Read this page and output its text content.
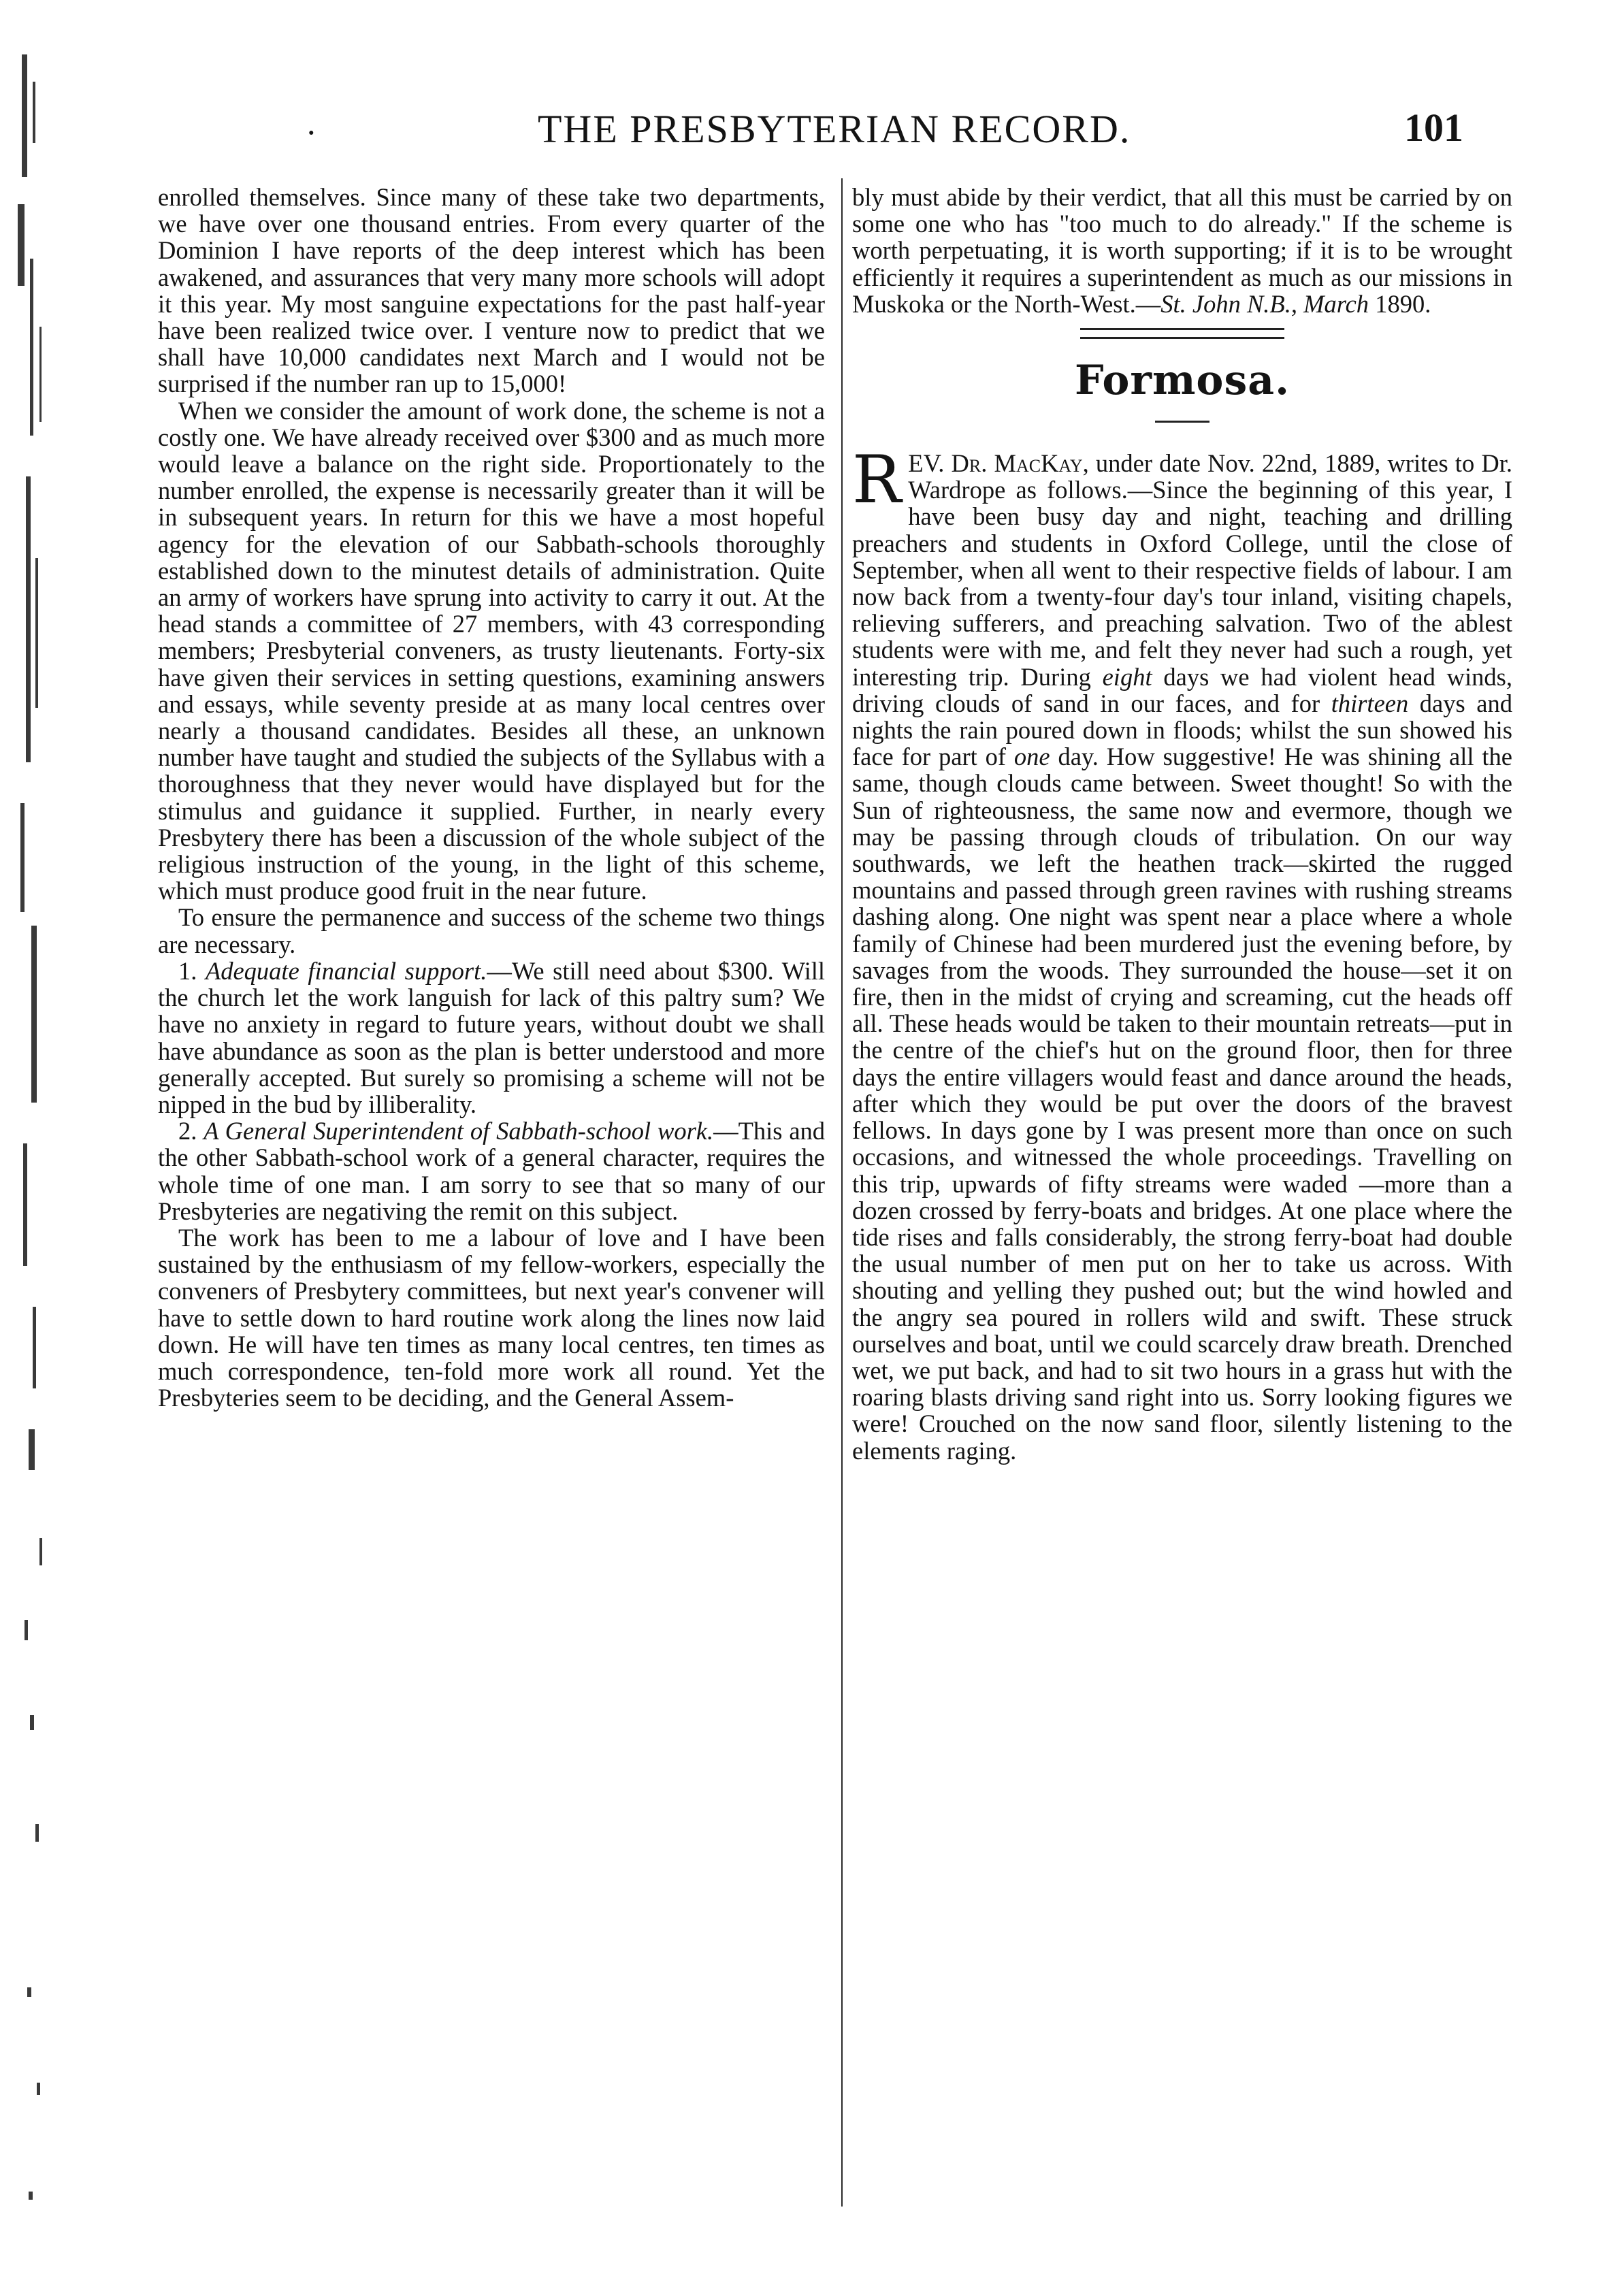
·	THE PRESBYTERIAN RECORD.	101

enrolled themselves. Since many of these take two departments, we have over one thousand entries. From every quarter of the Dominion I have reports of the deep interest which has been awakened, and assurances that very many more schools will adopt it this year. My most sanguine expectations for the past half-year have been realized twice over. I venture now to predict that we shall have 10,000 candidates next March and I would not be surprised if the number ran up to 15,000!

When we consider the amount of work done, the scheme is not a costly one. We have already received over $300 and as much more would leave a balance on the right side. Proportionately to the number enrolled, the expense is necessarily greater than it will be in subsequent years. In return for this we have a most hopeful agency for the elevation of our Sabbath-schools thoroughly established down to the minutest details of administration. Quite an army of workers have sprung into activity to carry it out. At the head stands a committee of 27 members, with 43 corresponding members; Presbyterial conveners, as trusty lieutenants. Forty-six have given their services in setting questions, examining answers and essays, while seventy preside at as many local centres over nearly a thousand candidates. Besides all these, an unknown number have taught and studied the subjects of the Syllabus with a thoroughness that they never would have displayed but for the stimulus and guidance it supplied. Further, in nearly every Presbytery there has been a discussion of the whole subject of the religious instruction of the young, in the light of this scheme, which must produce good fruit in the near future.

To ensure the permanence and success of the scheme two things are necessary.

1. Adequate financial support.—We still need about $300. Will the church let the work languish for lack of this paltry sum? We have no anxiety in regard to future years, without doubt we shall have abundance as soon as the plan is better understood and more generally accepted. But surely so promising a scheme will not be nipped in the bud by illiberality.

2. A General Superintendent of Sabbath-school work.—This and the other Sabbath-school work of a general character, requires the whole time of one man. I am sorry to see that so many of our Presbyteries are negativing the remit on this subject.

The work has been to me a labour of love and I have been sustained by the enthusiasm of my fellow-workers, especially the conveners of Presbytery committees, but next year's convener will have to settle down to hard routine work along the lines now laid down. He will have ten times as many local centres, ten times as much correspondence, ten-fold more work all round. Yet the Presbyteries seem to be deciding, and the General Assem-

bly must abide by their verdict, that all this must be carried by on some one who has "too much to do already." If the scheme is worth perpetuating, it is worth supporting; if it is to be wrought efficiently it requires a superintendent as much as our missions in Muskoka or the North-West.—St. John N.B., March 1890.

Formosa.

REV. Dr. MacKay, under date Nov. 22nd, 1889, writes to Dr. Wardrope as follows.—Since the beginning of this year, I have been busy day and night, teaching and drilling preachers and students in Oxford College, until the close of September, when all went to their respective fields of labour. I am now back from a twenty-four day's tour inland, visiting chapels, relieving sufferers, and preaching salvation. Two of the ablest students were with me, and felt they never had such a rough, yet interesting trip. During eight days we had violent head winds, driving clouds of sand in our faces, and for thirteen days and nights the rain poured down in floods; whilst the sun showed his face for part of one day. How suggestive! He was shining all the same, though clouds came between. Sweet thought! So with the Sun of righteousness, the same now and evermore, though we may be passing through clouds of tribulation. On our way southwards, we left the heathen track—skirted the rugged mountains and passed through green ravines with rushing streams dashing along. One night was spent near a place where a whole family of Chinese had been murdered just the evening before, by savages from the woods. They surrounded the house—set it on fire, then in the midst of crying and screaming, cut the heads off all. These heads would be taken to their mountain retreats—put in the centre of the chief's hut on the ground floor, then for three days the entire villagers would feast and dance around the heads, after which they would be put over the doors of the bravest fellows. In days gone by I was present more than once on such occasions, and witnessed the whole proceedings. Travelling on this trip, upwards of fifty streams were waded —more than a dozen crossed by ferry-boats and bridges. At one place where the tide rises and falls considerably, the strong ferry-boat had double the usual number of men put on her to take us across. With shouting and yelling they pushed out; but the wind howled and the angry sea poured in rollers wild and swift. These struck ourselves and boat, until we could scarcely draw breath. Drenched wet, we put back, and had to sit two hours in a grass hut with the roaring blasts driving sand right into us. Sorry looking figures we were! Crouched on the now sand floor, silently listening to the elements raging.
